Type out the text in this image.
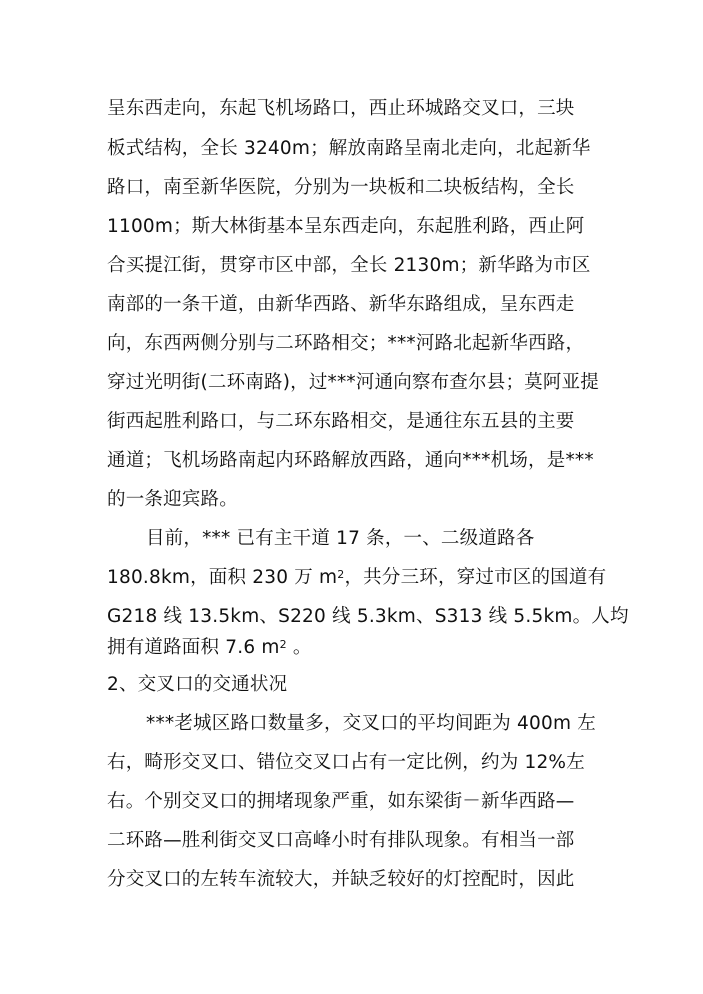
呈东西走向，东起飞机场路口，西止环城路交叉口，三块
板式结构，全长 3240m；解放南路呈南北走向，北起新华
路口，南至新华医院，分别为一块板和二块板结构，全长
1100m；斯大林街基本呈东西走向，东起胜利路，西止阿
合买提江街，贯穿市区中部，全长 2130m；新华路为市区
南部的一条干道，由新华西路、新华东路组成，呈东西走
向，东西两侧分别与二环路相交；***河路北起新华西路，
穿过光明街(二环南路)，过***河通向察布查尔县；莫阿亚提
街西起胜利路口，与二环东路相交，是通往东五县的主要
通道；飞机场路南起内环路解放西路，通向***机场，是***
的一条迎宾路。
目前，*** 已有主干道 17 条，一、二级道路各
180.8km，面积 230 万 $m^2$，共分三环，穿过市区的国道有
G218 线 13.5km、S220 线 5.3km、S313 线 5.5km。人均
拥有道路面积 7.6 $m^2$ 。
2、交叉口的交通状况
***老城区路口数量多，交叉口的平均间距为 400m 左
右，畸形交叉口、错位交叉口占有一定比例，约为 12%左
右。个别交叉口的拥堵现象严重，如东梁街－新华西路—
二环路—胜利街交叉口高峰小时有排队现象。有相当一部
分交叉口的左转车流较大，并缺乏较好的灯控配时，因此
